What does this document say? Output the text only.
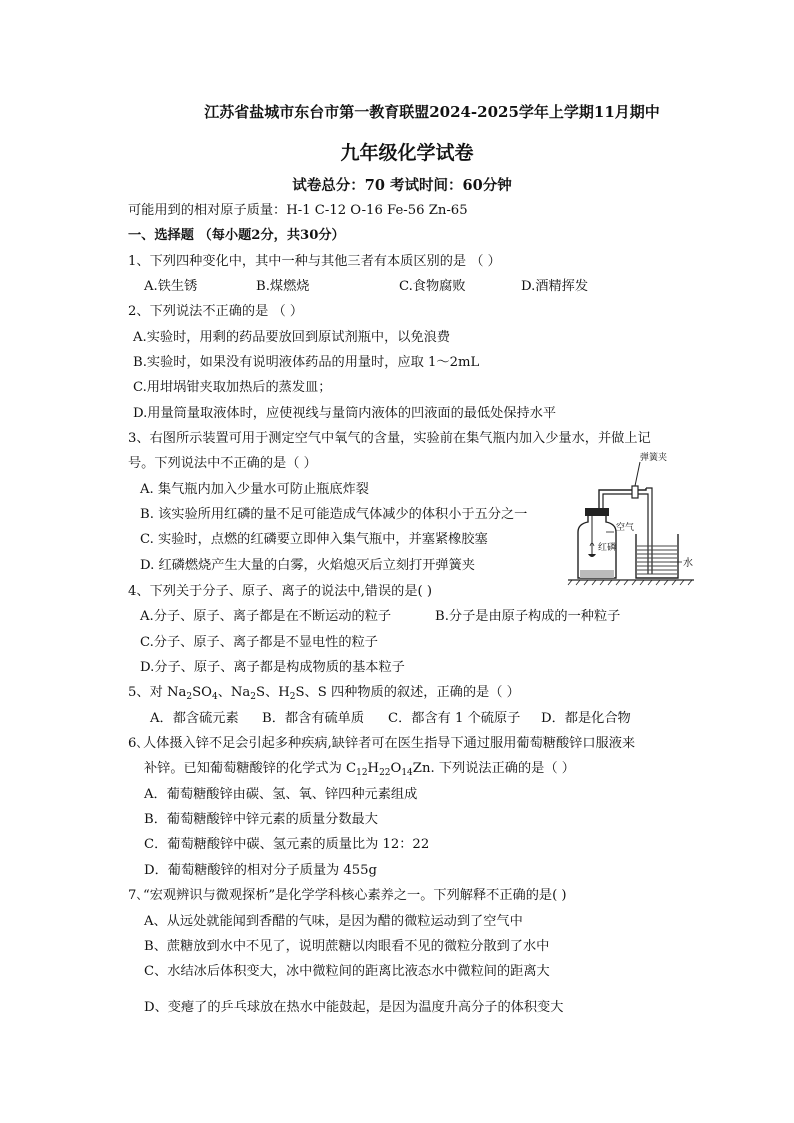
江苏省盐城市东台市第一教育联盟2024-2025学年上学期11月期中
九年级化学试卷
试卷总分：70 考试时间：60分钟
可能用到的相对原子质量：H-1 C-12 O-16 Fe-56 Zn-65
一、选择题 （每小题2分，共30分）
1、下列四种变化中，其中一种与其他三者有本质区别的是 （ ）
A.铁生锈	B.煤燃烧	C.食物腐败	D.酒精挥发
2、下列说法不正确的是 （ ）
A.实验时，用剩的药品要放回到原试剂瓶中，以免浪费
B.实验时，如果没有说明液体药品的用量时，应取 1～2mL
C.用坩埚钳夹取加热后的蒸发皿；
D.用量筒量取液体时，应使视线与量筒内液体的凹液面的最低处保持水平
3、右图所示装置可用于测定空气中氧气的含量，实验前在集气瓶内加入少量水，并做上记
号。下列说法中不正确的是（ ）
A. 集气瓶内加入少量水可防止瓶底炸裂
B. 该实验所用红磷的量不足可能造成气体减少的体积小于五分之一
C. 实验时，点燃的红磷要立即伸入集气瓶中，并塞紧橡胶塞
D. 红磷燃烧产生大量的白雾，火焰熄灭后立刻打开弹簧夹
弹簧夹
空气
红磷
水
4、下列关于分子、原子、离子的说法中,错误的是( )
A.分子、原子、离子都是在不断运动的粒子	B.分子是由原子构成的一种粒子
C.分子、原子、离子都是不显电性的粒子
D.分子、原子、离子都是构成物质的基本粒子
5、对 $Na_2SO_4$、$Na_2S$、$H_2S$、S 四种物质的叙述，正确的是（ ）
A．都含硫元素 B．都含有硫单质 C．都含有 1 个硫原子 D．都是化合物
6､人体摄入锌不足会引起多种疾病,缺锌者可在医生指导下通过服用葡萄糖酸锌口服液来
补锌。已知葡萄糖酸锌的化学式为 $C_{12}H_{22}O_{14}Zn$. 下列说法正确的是（ ）
A．葡萄糖酸锌由碳、氢、氧、锌四种元素组成
B．葡萄糖酸锌中锌元素的质量分数最大
C．葡萄糖酸锌中碳、氢元素的质量比为 12：22
D．葡萄糖酸锌的相对分子质量为 455g
7､“宏观辨识与微观探析”是化学学科核心素养之一。下列解释不正确的是( )
A、从远处就能闻到香醋的气味，是因为醋的微粒运动到了空气中
B、蔗糖放到水中不见了，说明蔗糖以肉眼看不见的微粒分散到了水中
C、水结冰后体积变大，冰中微粒间的距离比液态水中微粒间的距离大
D、变瘪了的乒乓球放在热水中能鼓起，是因为温度升高分子的体积变大
